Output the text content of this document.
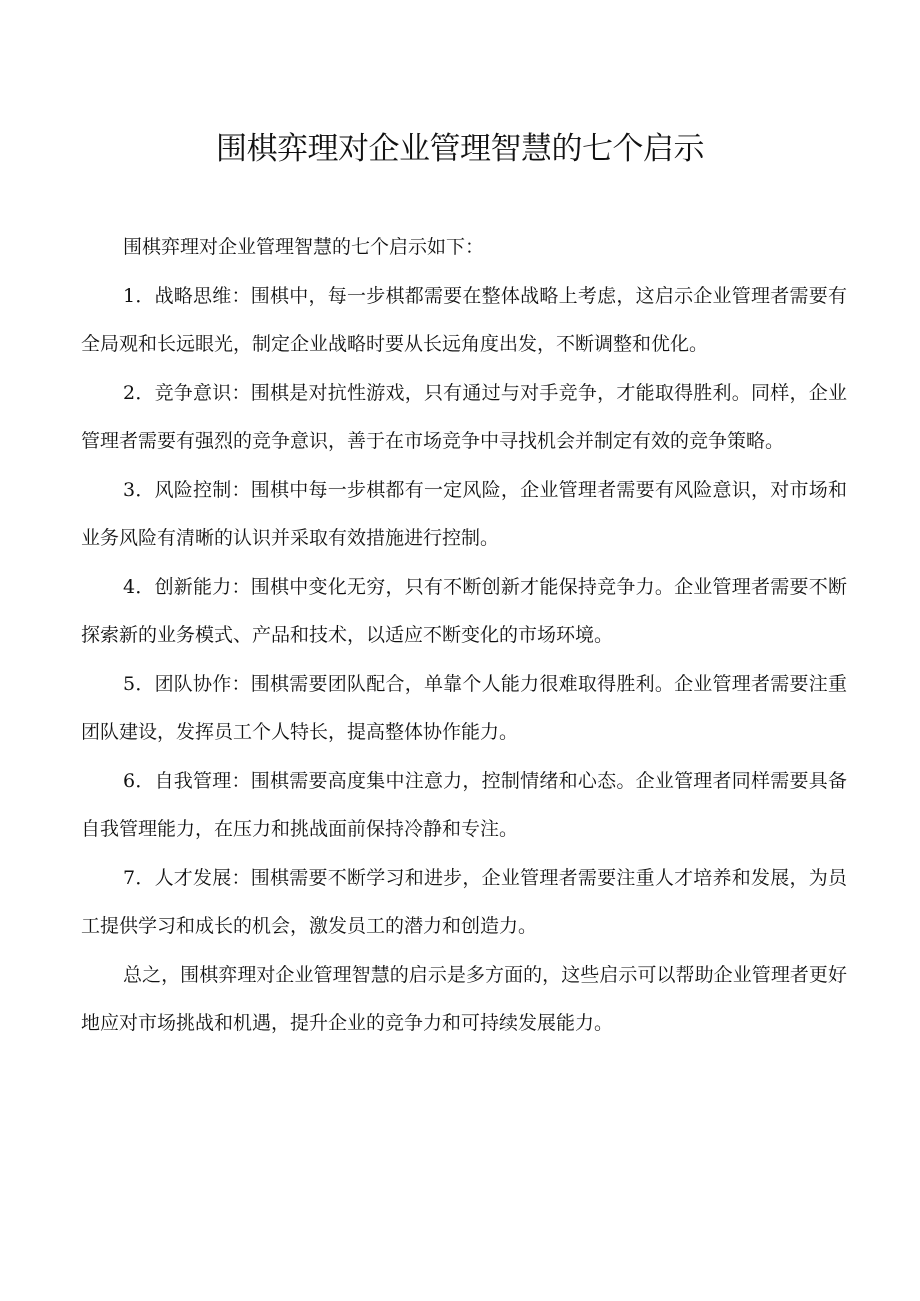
围棋弈理对企业管理智慧的七个启示

围棋弈理对企业管理智慧的七个启示如下：

1．战略思维：围棋中，每一步棋都需要在整体战略上考虑，这启示企业管理者需要有全局观和长远眼光，制定企业战略时要从长远角度出发，不断调整和优化。

2．竞争意识：围棋是对抗性游戏，只有通过与对手竞争，才能取得胜利。同样，企业管理者需要有强烈的竞争意识，善于在市场竞争中寻找机会并制定有效的竞争策略。

3．风险控制：围棋中每一步棋都有一定风险，企业管理者需要有风险意识，对市场和业务风险有清晰的认识并采取有效措施进行控制。

4．创新能力：围棋中变化无穷，只有不断创新才能保持竞争力。企业管理者需要不断探索新的业务模式、产品和技术，以适应不断变化的市场环境。

5．团队协作：围棋需要团队配合，单靠个人能力很难取得胜利。企业管理者需要注重团队建设，发挥员工个人特长，提高整体协作能力。

6．自我管理：围棋需要高度集中注意力，控制情绪和心态。企业管理者同样需要具备自我管理能力，在压力和挑战面前保持冷静和专注。

7．人才发展：围棋需要不断学习和进步，企业管理者需要注重人才培养和发展，为员工提供学习和成长的机会，激发员工的潜力和创造力。

总之，围棋弈理对企业管理智慧的启示是多方面的，这些启示可以帮助企业管理者更好地应对市场挑战和机遇，提升企业的竞争力和可持续发展能力。
